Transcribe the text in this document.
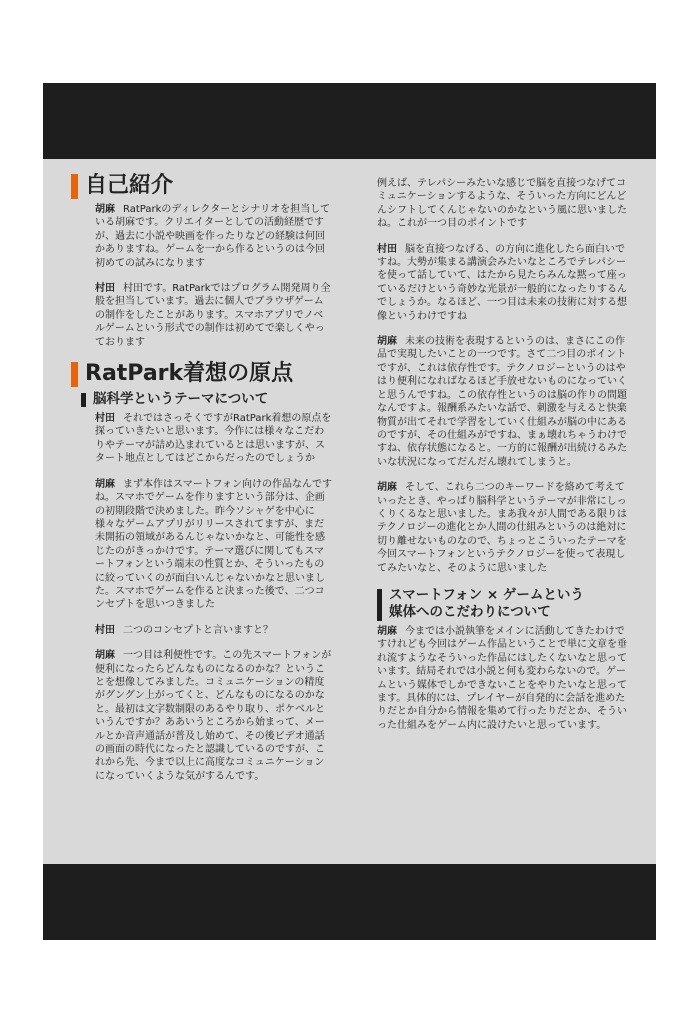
自己紹介

胡麻 RatParkのディレクターとシナリオを担当している胡麻です。クリエイターとしての活動経歴ですが、過去に小説や映画を作ったりなどの経験は何回かありますね。ゲームを一から作るというのは今回初めての試みになります

村田 村田です。RatParkではプログラム開発周り全般を担当しています。過去に個人でブラウザゲームの制作をしたことがあります。スマホアプリでノベルゲームという形式での制作は初めてで楽しくやっております

RatPark着想の原点
脳科学というテーマについて

村田 それではさっそくですがRatPark着想の原点を探っていきたいと思います。今作には様々なこだわりやテーマが詰め込まれているとは思いますが、スタート地点としてはどこからだったのでしょうか

胡麻 まず本作はスマートフォン向けの作品なんですね。スマホでゲームを作りますという部分は、企画の初期段階で決めました。昨今ソシャゲを中心に様々なゲームアプリがリリースされてますが、まだ未開拓の領域があるんじゃないかなと、可能性を感じたのがきっかけです。テーマ選びに関してもスマートフォンという端末の性質とか、そういったものに絞っていくのが面白いんじゃないかなと思いました。スマホでゲームを作ると決まった後で、二つコンセプトを思いつきました

村田 二つのコンセプトと言いますと？

胡麻 一つ目は利便性です。この先スマートフォンが便利になったらどんなものになるのかな？ということを想像してみました。コミュニケーションの精度がグングン上がってくと、どんなものになるのかなと。最初は文字数制限のあるやり取り、ポケベルというんですか？ああいうところから始まって、メールとか音声通話が普及し始めて、その後ビデオ通話の画面の時代になったと認識しているのですが、これから先、今まで以上に高度なコミュニケーションになっていくような気がするんです。

例えば、テレパシーみたいな感じで脳を直接つなげてコミュニケーションするような、そういった方向にどんどんシフトしてくんじゃないのかなという風に思いましたね。これが一つ目のポイントです

村田 脳を直接つなげる、の方向に進化したら面白いですね。大勢が集まる講演会みたいなところでテレパシーを使って話していて、はたから見たらみんな黙って座っているだけという奇妙な光景が一般的になったりするんでしょうか。なるほど、一つ目は未来の技術に対する想像というわけですね

胡麻 未来の技術を表現するというのは、まさにこの作品で実現したいことの一つです。さて二つ目のポイントですが、これは依存性です。テクノロジーというのはやはり便利になればなるほど手放せないものになっていくと思うんですね。この依存性というのは脳の作りの問題なんですよ。報酬系みたいな話で、刺激を与えると快楽物質が出てそれで学習をしていく仕組みが脳の中にあるのですが、その仕組みがですね、まぁ壊れちゃうわけですね、依存状態になると。一方的に報酬が出続けるみたいな状況になってだんだん壊れてしまうと。

胡麻 そして、これら二つのキーワードを絡めて考えていったとき、やっぱり脳科学というテーマが非常にしっくりくるなと思いました。まあ我々が人間である限りはテクノロジーの進化とか人間の仕組みというのは絶対に切り離せないものなので、ちょっとこういったテーマを今回スマートフォンというテクノロジーを使って表現してみたいなと、そのように思いました

スマートフォン × ゲームという
媒体へのこだわりについて

胡麻 今までは小説執筆をメインに活動してきたわけですけれども今回はゲーム作品ということで単に文章を垂れ流すようなそういった作品にはしたくないなと思っています。結局それでは小説と何も変わらないので。ゲームという媒体でしかできないことをやりたいなと思ってます。具体的には、プレイヤーが自発的に会話を進めたりだとか自分から情報を集めて行ったりだとか、そういった仕組みをゲーム内に設けたいと思っています。
